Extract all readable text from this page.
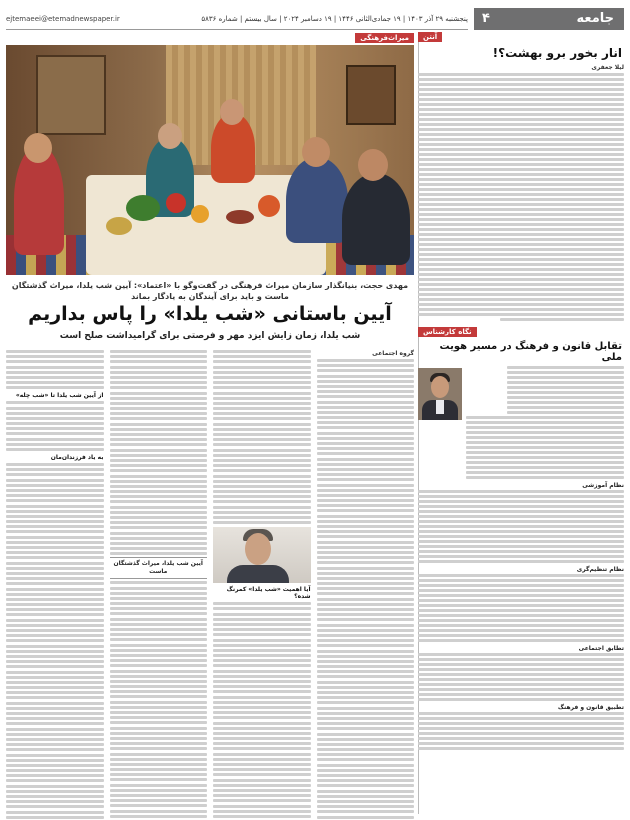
جامعه
۴
پنجشنبه ۲۹ آذر ۱۴۰۳ | ۱۹ جمادی‌الثانی ۱۴۴۶ | ۱۹ دسامبر ۲۰۲۴ | سال بیستم | شماره ۵۸۳۶
ejtemaeei@etemadnewspaper.ir
آنتن
انار بخور برو بهشت؟!
لیلا جعفری
نگاه کارشناس
تقابل قانون و فرهنگ در مسیر هویت ملی
نظام آموزشی
نظام تنظیم‌گری
تطابق اجتماعی
تطبیق قانون و فرهنگ
میراث‌فرهنگی
مهدی حجت، بنیانگذار سازمان میراث فرهنگی در گفت‌وگو با «اعتماد»: آیین شب یلدا، میراث گذشتگان ماست و باید برای آیندگان به یادگار بماند
آیین باستانی «شب یلدا» را پاس بداریم
شب یلدا، زمان زایش ایزد مهر و فرصتی برای گرامیداشت صلح است
گروه اجتماعی
آیا اهمیت «شب یلدا» کمرنگ شده؟
آیین شب یلدا، میراث گذشتگان ماست
از آیین شب یلدا تا «شب چله»
به یاد فرزندان‌مان
